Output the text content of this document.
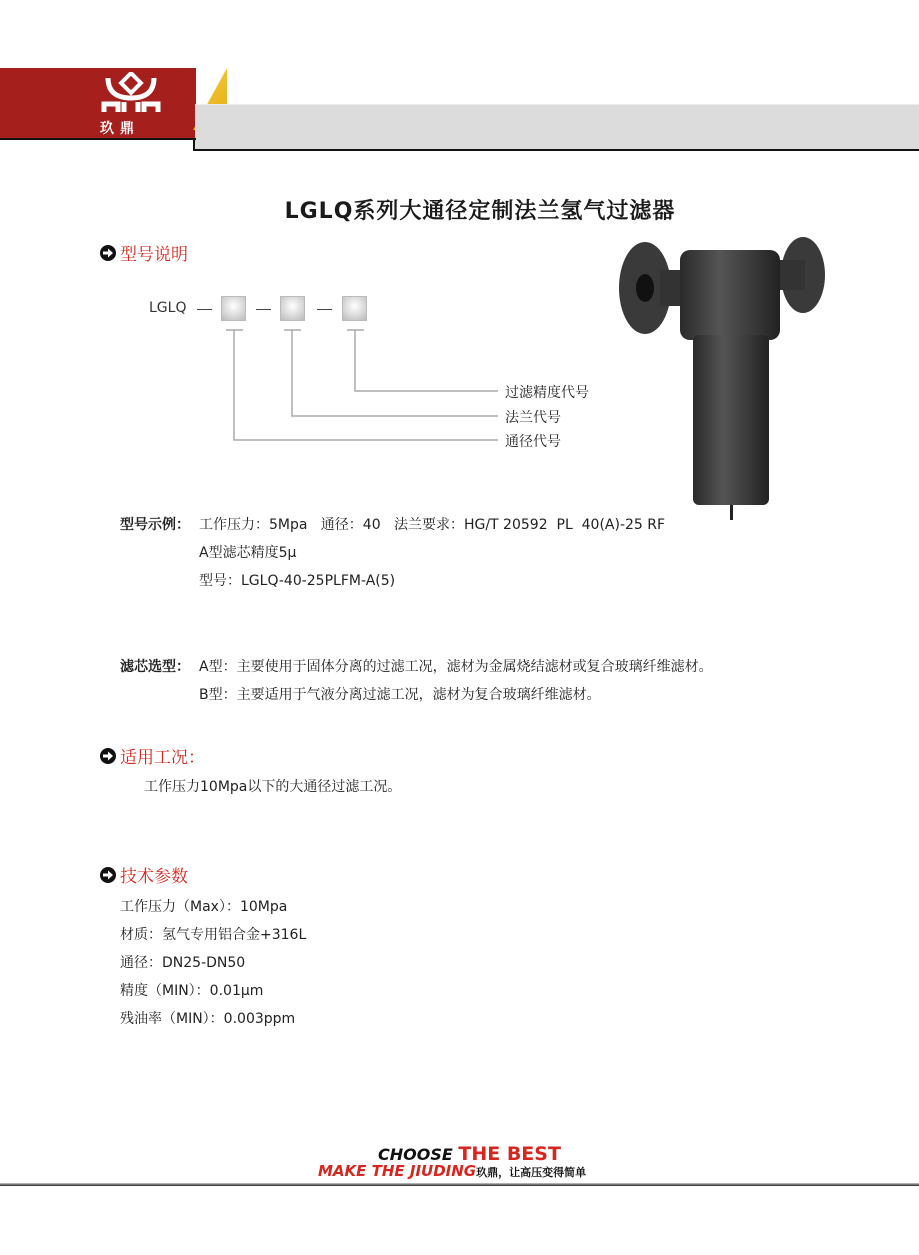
玖鼎
LGLQ系列大通径定制法兰氢气过滤器
型号说明
LGLQ
过滤精度代号
法兰代号
通径代号
型号示例： 工作压力：5Mpa   通径：40   法兰要求：HG/T 20592  PL  40(A)-25 RF
A型滤芯精度5μ
型号：LGLQ-40-25PLFM-A(5)
滤芯选型： A型：主要使用于固体分离的过滤工况，滤材为金属烧结滤材或复合玻璃纤维滤材。
B型：主要适用于气液分离过滤工况，滤材为复合玻璃纤维滤材。
适用工况：
工作压力10Mpa以下的大通径过滤工况。
技术参数
工作压力（Max）：10Mpa
材质：氢气专用铝合金+316L
通径：DN25-DN50
精度（MIN）：0.01μm
残油率（MIN）：0.003ppm
CHOOSE THE BEST
MAKE THE JIUDING玖鼎，让高压变得简单
